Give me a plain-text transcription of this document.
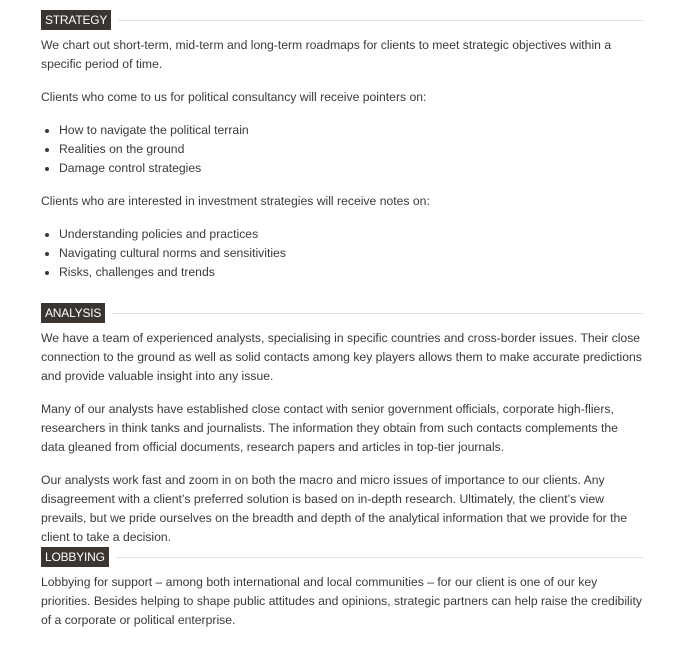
STRATEGY

We chart out short-term, mid-term and long-term roadmaps for clients to meet strategic objectives within a specific period of time.

Clients who come to us for political consultancy will receive pointers on:

• How to navigate the political terrain
• Realities on the ground
• Damage control strategies

Clients who are interested in investment strategies will receive notes on:

• Understanding policies and practices
• Navigating cultural norms and sensitivities
• Risks, challenges and trends
ANALYSIS

We have a team of experienced analysts, specialising in specific countries and cross-border issues. Their close connection to the ground as well as solid contacts among key players allows them to make accurate predictions and provide valuable insight into any issue.

Many of our analysts have established close contact with senior government officials, corporate high-fliers, researchers in think tanks and journalists. The information they obtain from such contacts complements the data gleaned from official documents, research papers and articles in top-tier journals.

Our analysts work fast and zoom in on both the macro and micro issues of importance to our clients. Any disagreement with a client’s preferred solution is based on in-depth research. Ultimately, the client’s view prevails, but we pride ourselves on the breadth and depth of the analytical information that we provide for the client to take a decision.

LOBBYING

Lobbying for support – among both international and local communities – for our client is one of our key priorities. Besides helping to shape public attitudes and opinions, strategic partners can help raise the credibility of a corporate or political enterprise.
